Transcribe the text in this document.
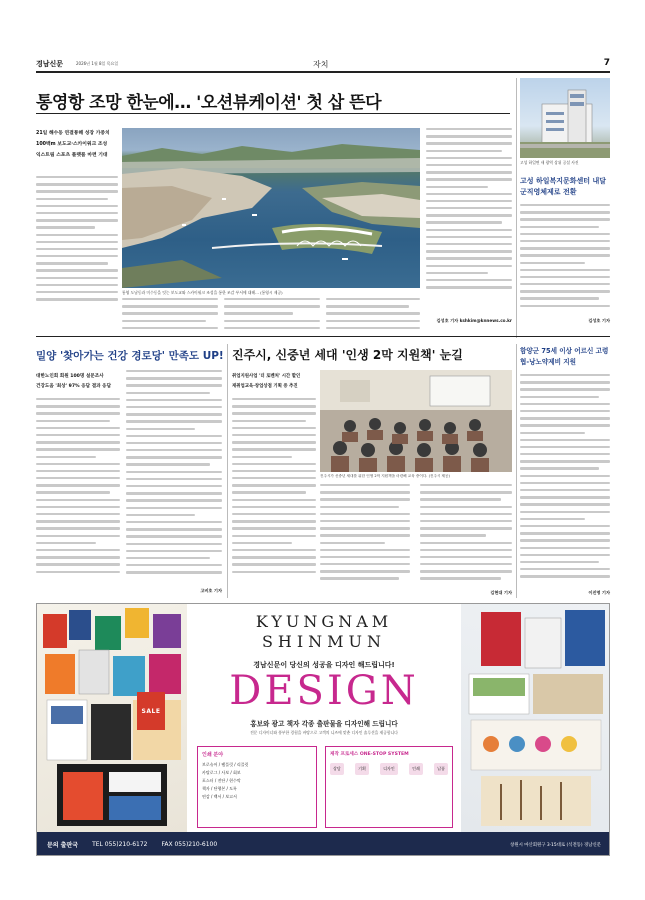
경남신문	2026년 1월 8일 목요일	자치	7
통영항 조망 한눈에… '오션뷰케이션' 첫 삽 뜬다
21일 해수동 연결통해 성장 가중치
100백m 보도교·스카이워크 조성
익스트림 스포츠 플랫폼 마련 기대
통영 도남동과 미수동을 잇는 보도교와 스카이워크 조성을 통한 조감 부서에 대해… (통영시 제공)
김성호 기자 kshkim@knnews.co.kr
고성 하일면 새 광역 상위 공설 사진
고성 하일복지문화센터 내달 군직영체제로 전환
김성호 기자
밀양 '찾아가는 건강 경로당' 만족도 UP!
대한노인회 회원 100명 설문조사
건강도움 '최상' 97% 응답 결과 응답
고비호 기자
진주시, 신중년 세대 '인생 2막 지원책' 눈길
취업지원사업 '더 로벤처' 시간 할인
재취업교육·창업상점 기획 중 추진
진주시가 신중년 세대를 위한 인생 2막 지원책을 마련해 교육 중이다. (진주시 제공)
김현대 기자
함양군 75세 이상 어르신 고령협-낭노약제비 지원
이진명 기자
SALE
KYUNGNAM
SHINMUN
경남신문이 당신의 성공을 디자인 해드립니다!
DESIGN
홍보와 광고 책자 각종 출판물을 디자인해 드립니다
전문 디자이너와 풍부한 경험을 바탕으로 고객의 니즈에 맞춘 디자인 솔루션을 제공합니다
인쇄 분야
브로슈어 / 팸플릿 / 리플릿
카탈로그 / 사보 / 회보
포스터 / 전단 / 현수막
책자 / 단행본 / 도록
연감 / 백서 / 보고서
제작 프로세스 ONE-STOP SYSTEM
상담	기획	디자인	인쇄	납품
문의 출판국 TEL 055)210-6172 FAX 055)210-6100	창원시 마산회원구 3·15대로 (석전동) 경남신문
